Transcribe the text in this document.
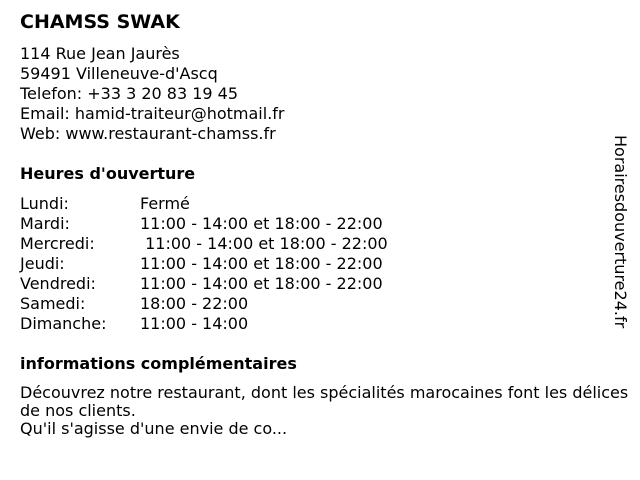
CHAMSS SWAK
114 Rue Jean Jaurès
59491 Villeneuve-d'Ascq
Telefon: +33 3 20 83 19 45
Email: hamid-traiteur@hotmail.fr
Web: www.restaurant-chamss.fr
Heures d'ouverture
Lundi:	Fermé
Mardi:	11:00 - 14:00 et 18:00 - 22:00
Mercredi:	11:00 - 14:00 et 18:00 - 22:00
Jeudi:	11:00 - 14:00 et 18:00 - 22:00
Vendredi:	11:00 - 14:00 et 18:00 - 22:00
Samedi:	18:00 - 22:00
Dimanche:	11:00 - 14:00
informations complémentaires
Découvrez notre restaurant, dont les spécialités marocaines font les délices de nos clients.
Qu'il s'agisse d'une envie de co...
Horairesdouverture24.fr
